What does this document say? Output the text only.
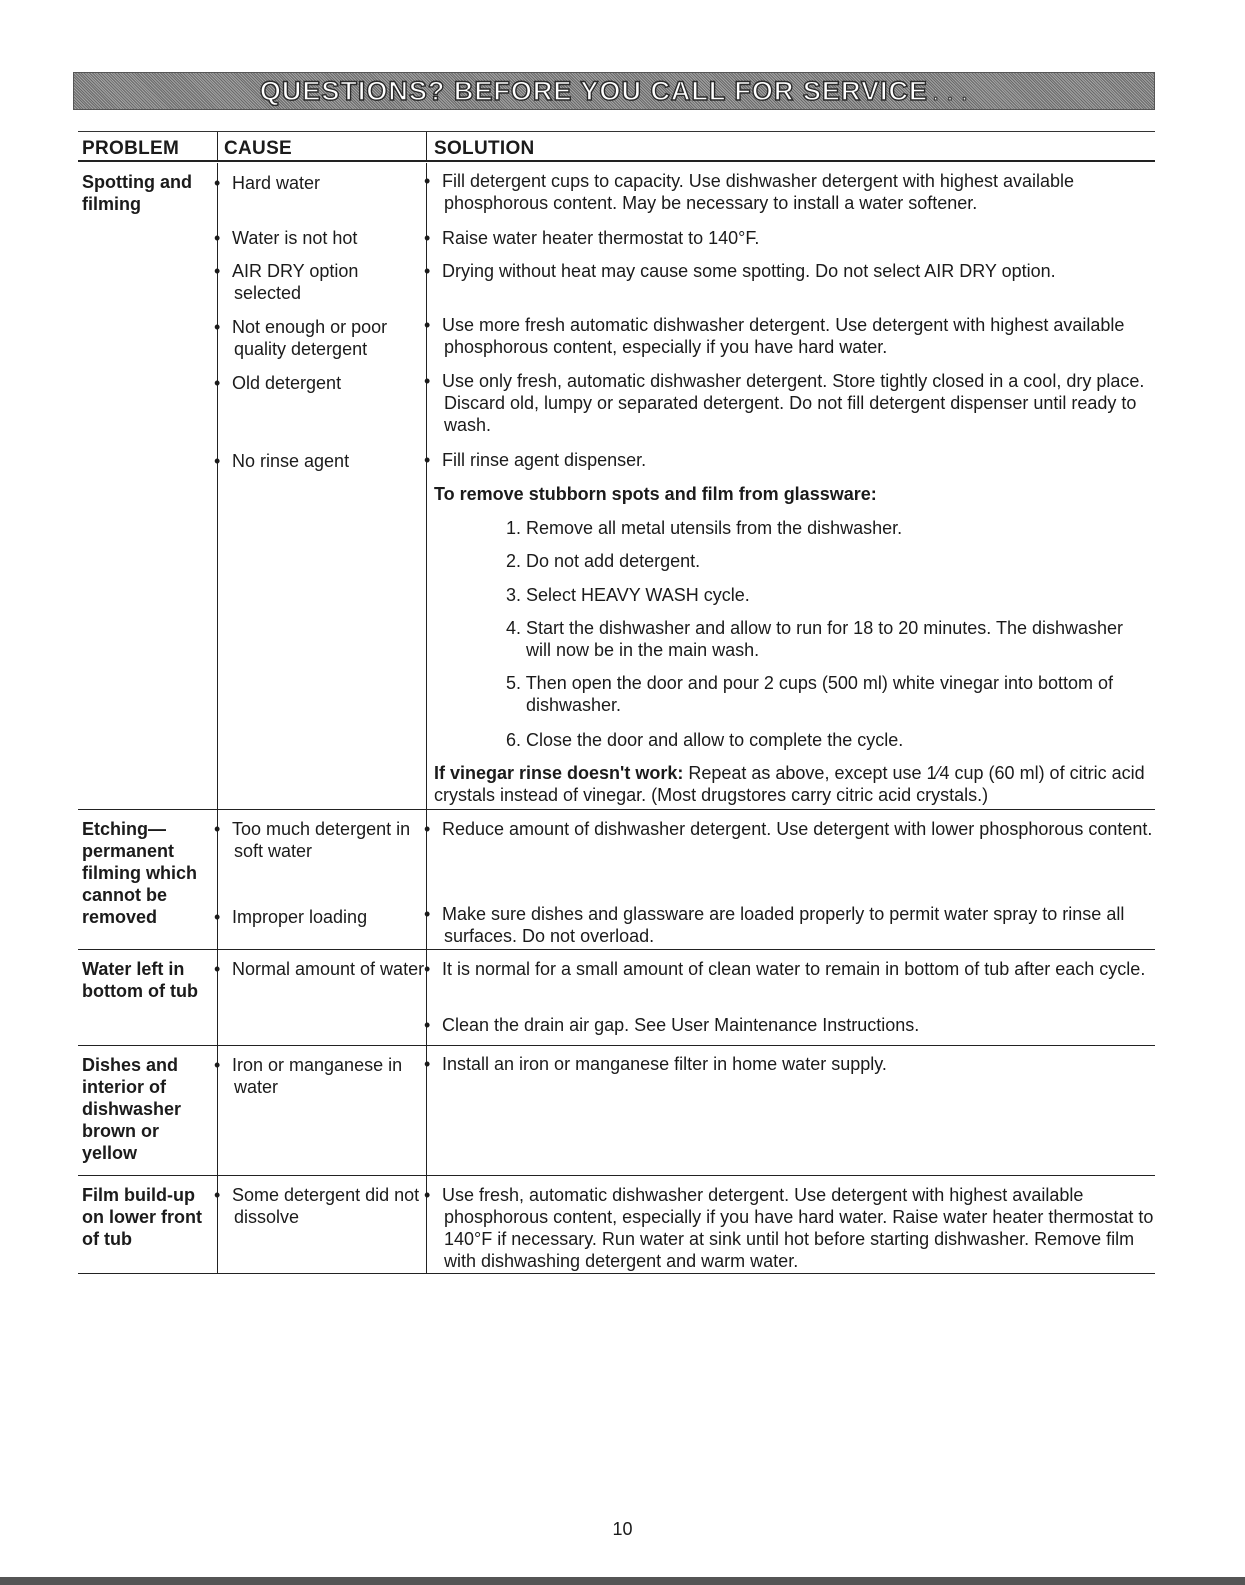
QUESTIONS? BEFORE YOU CALL FOR SERVICE . . .
PROBLEM CAUSE	SOLUTION
Spotting and filming
• Hard water
• Water is not hot
• AIR DRY option selected
• Not enough or poor quality detergent
• Old detergent
• No rinse agent
• Fill detergent cups to capacity. Use dishwasher detergent with highest available phosphorous content. May be necessary to install a water softener.
• Raise water heater thermostat to 140°F.
• Drying without heat may cause some spotting. Do not select AIR DRY option.
• Use more fresh automatic dishwasher detergent. Use detergent with highest available phosphorous content, especially if you have hard water.
• Use only fresh, automatic dishwasher detergent. Store tightly closed in a cool, dry place. Discard old, lumpy or separated detergent. Do not fill detergent dispenser until ready to wash.
• Fill rinse agent dispenser.
To remove stubborn spots and film from glassware:
1. Remove all metal utensils from the dishwasher.
2. Do not add detergent.
3. Select HEAVY WASH cycle.
4. Start the dishwasher and allow to run for 18 to 20 minutes. The dishwasher will now be in the main wash.
5. Then open the door and pour 2 cups (500 ml) white vinegar into bottom of dishwasher.
6. Close the door and allow to complete the cycle.
If vinegar rinse doesn't work: Repeat as above, except use 1⁄4 cup (60 ml) of citric acid crystals instead of vinegar. (Most drugstores carry citric acid crystals.)
Etching— permanent filming which cannot be removed
• Too much detergent in soft water
• Improper loading
• Reduce amount of dishwasher detergent. Use detergent with lower phosphorous content.
• Make sure dishes and glassware are loaded properly to permit water spray to rinse all surfaces. Do not overload.
Water left in bottom of tub
• Normal amount of water • It is normal for a small amount of clean water to remain in bottom of tub after each cycle.
• Clean the drain air gap. See User Maintenance Instructions.
Dishes and interior of dishwasher brown or yellow
• Iron or manganese in water
• Install an iron or manganese filter in home water supply.
Film build-up on lower front of tub
• Some detergent did not dissolve
• Use fresh, automatic dishwasher detergent. Use detergent with highest available phosphorous content, especially if you have hard water. Raise water heater thermostat to 140°F if necessary. Run water at sink until hot before starting dishwasher. Remove film with dishwashing detergent and warm water.
10
